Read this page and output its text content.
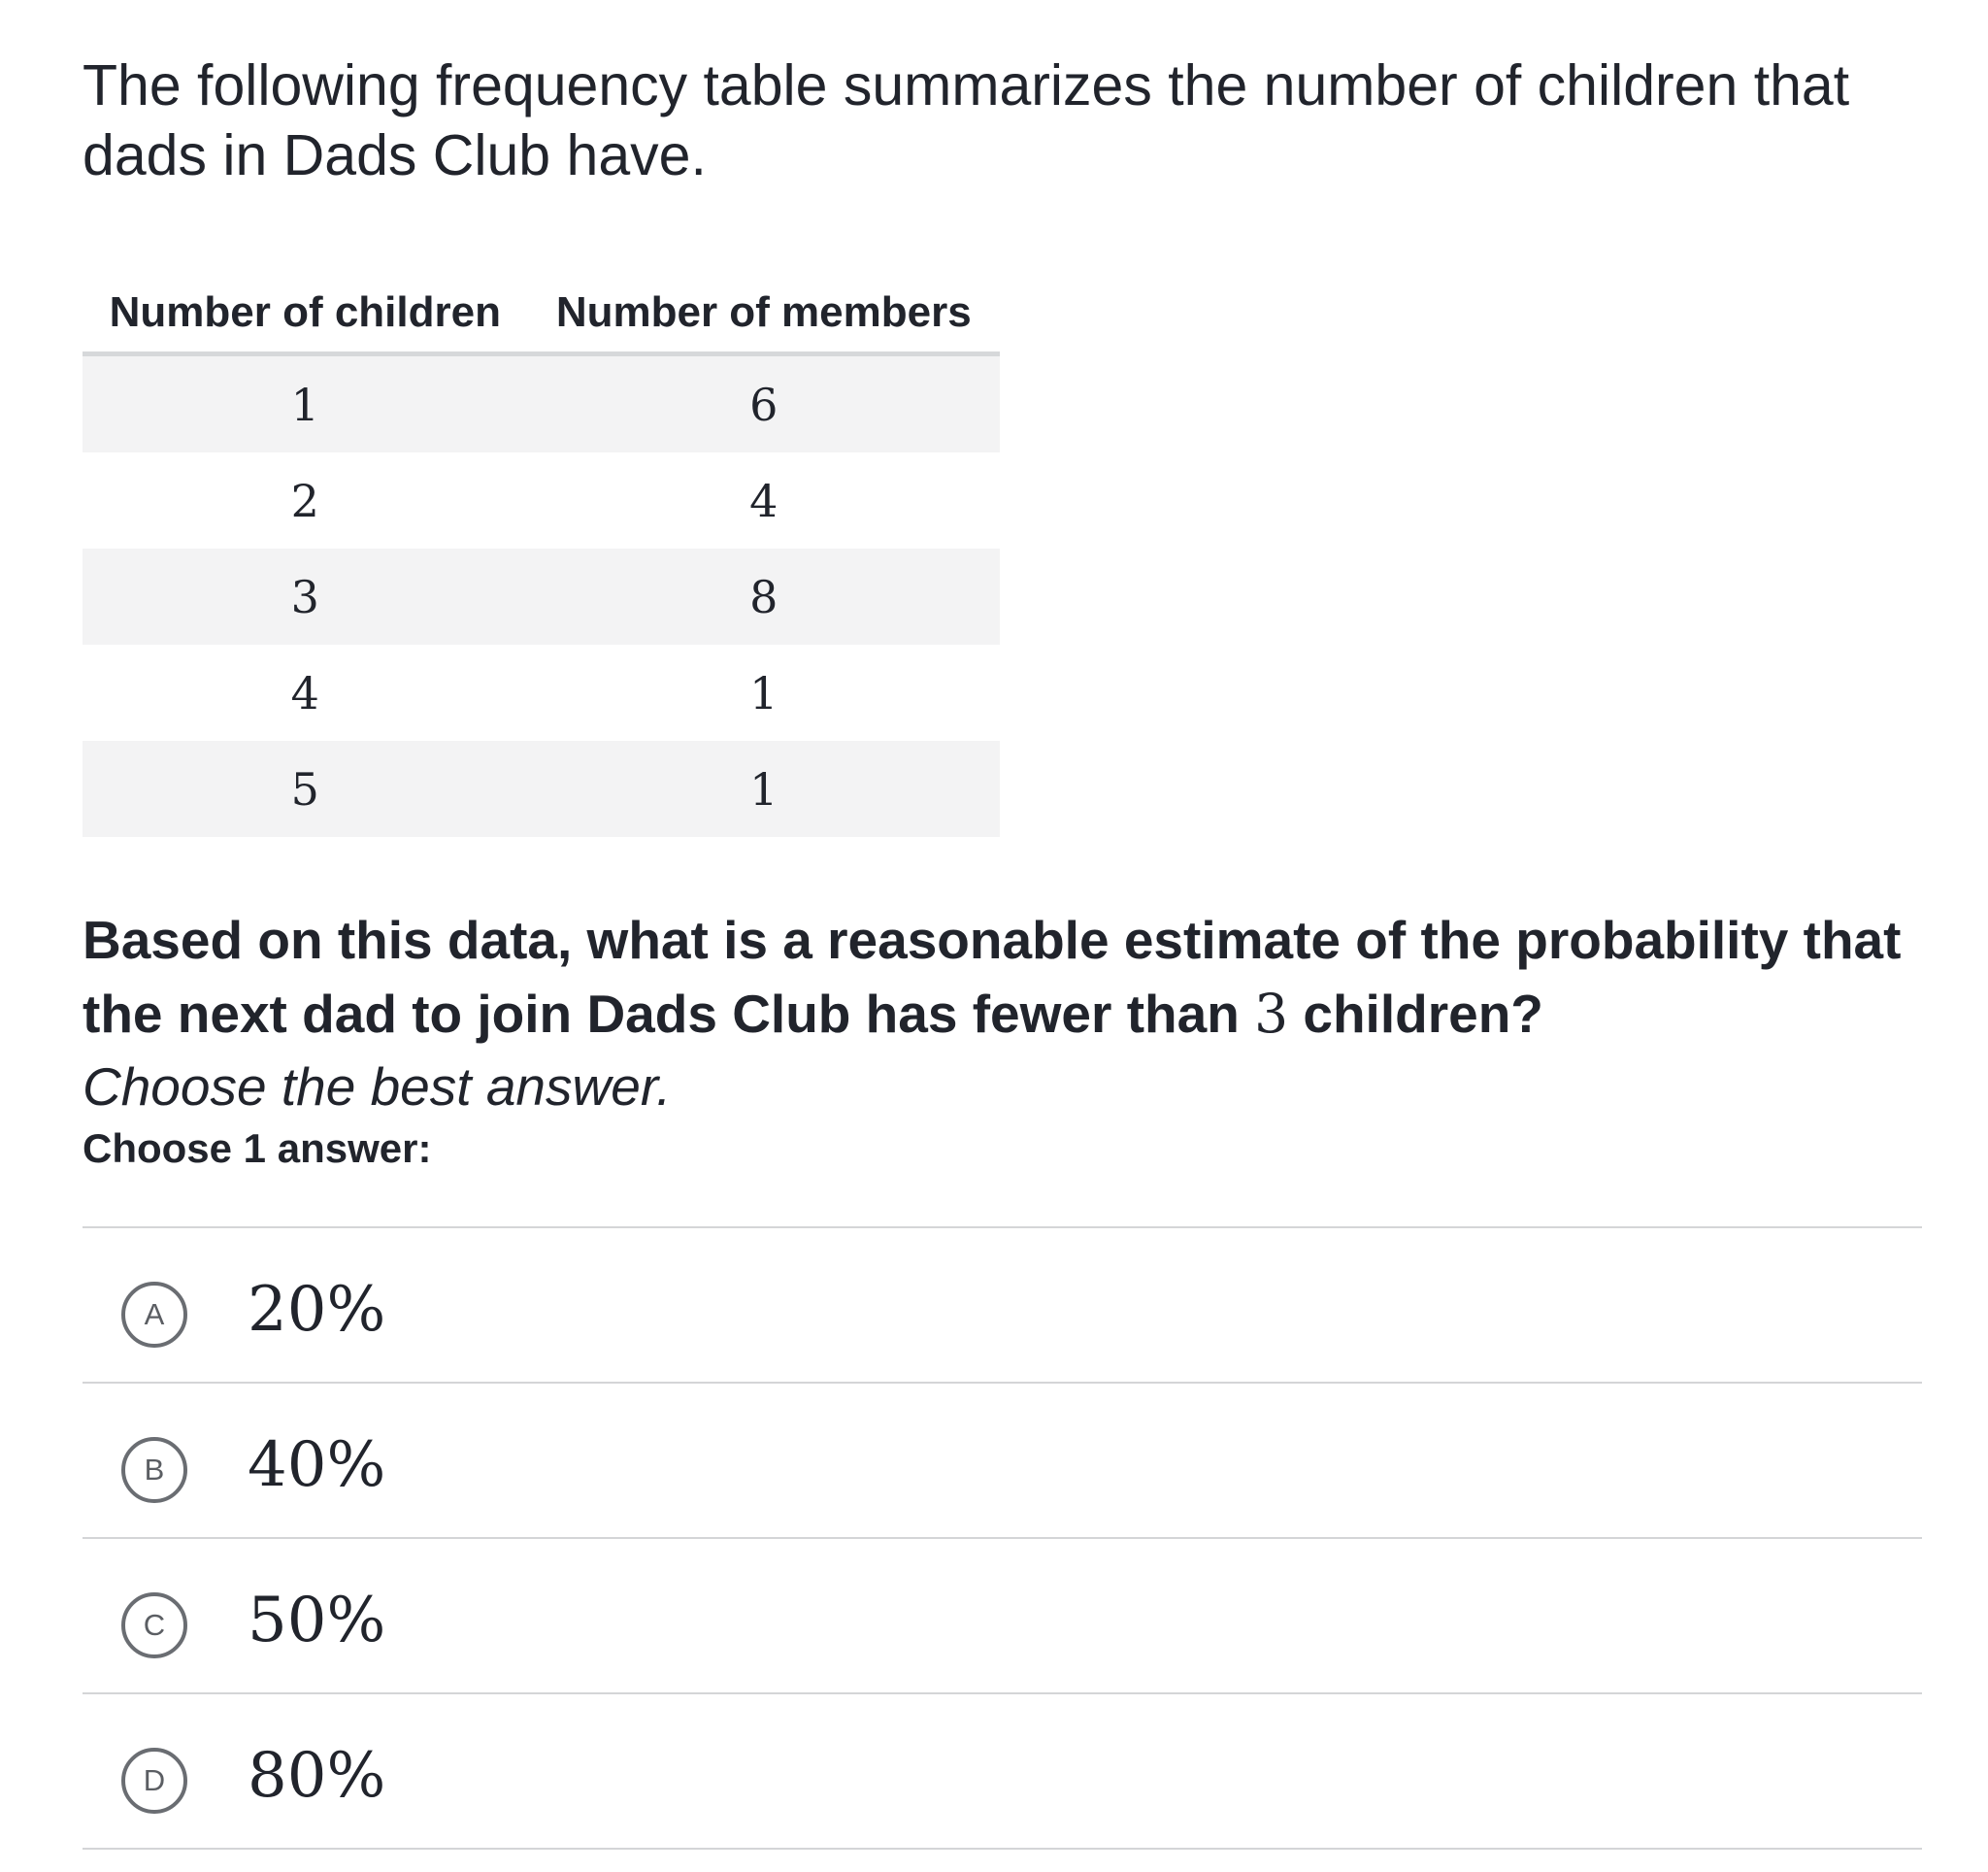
The following frequency table summarizes the number of children that
dads in Dads Club have.

Number of children	Number of members
1	6
2	4
3	8
4	1
5	1

Based on this data, what is a reasonable estimate of the probability that
the next dad to join Dads Club has fewer than 3 children?

Choose the best answer.

Choose 1 answer:

A	20%
B	40%
C	50%
D	80%
